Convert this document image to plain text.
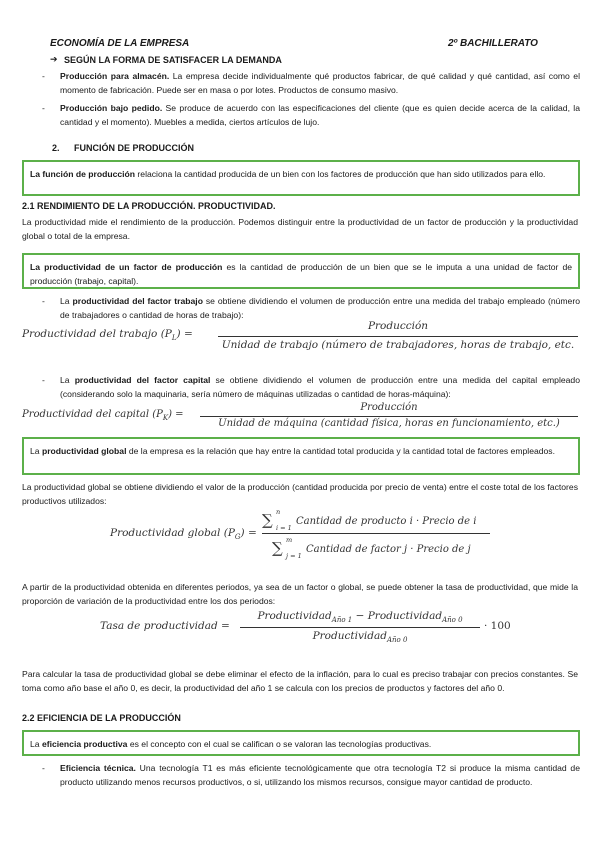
ECONOMÍA DE LA EMPRESA	2º BACHILLERATO
➔ SEGÚN LA FORMA DE SATISFACER LA DEMANDA
- Producción para almacén. La empresa decide individualmente qué productos fabricar, de qué calidad y qué cantidad, así como el momento de fabricación. Puede ser en masa o por lotes. Productos de consumo masivo.
- Producción bajo pedido. Se produce de acuerdo con las especificaciones del cliente (que es quien decide acerca de la calidad, la cantidad y el momento). Muebles a medida, ciertos artículos de lujo.
2. FUNCIÓN DE PRODUCCIÓN
La función de producción relaciona la cantidad producida de un bien con los factores de producción que han sido utilizados para ello.
2.1 RENDIMIENTO DE LA PRODUCCIÓN. PRODUCTIVIDAD.
La productividad mide el rendimiento de la producción. Podemos distinguir entre la productividad de un factor de producción y la productividad global o total de la empresa.
La productividad de un factor de producción es la cantidad de producción de un bien que se le imputa a una unidad de factor de producción (trabajo, capital).
- La productividad del factor trabajo se obtiene dividiendo el volumen de producción entre una medida del trabajo empleado (número de trabajadores o cantidad de horas de trabajo):
Productividad del trabajo $(P_L)$ =
Producción
Unidad de trabajo (número de trabajadores, horas de trabajo, etc.
- La productividad del factor capital se obtiene dividiendo el volumen de producción entre una medida del capital empleado (considerando solo la maquinaria, sería número de máquinas utilizadas o cantidad de horas-máquina):
Productividad del capital $(P_K)$ =
Producción
Unidad de máquina (cantidad física, horas en funcionamiento, etc.)
La productividad global de la empresa es la relación que hay entre la cantidad total producida y la cantidad total de factores empleados.
La productividad global se obtiene dividiendo el valor de la producción (cantidad producida por precio de venta) entre el coste total de los factores productivos utilizados:
Productividad global $(P_G)$ =
∑ n
i = 1
Cantidad de producto i · Precio de i
∑ m
j = 1
Cantidad de factor j · Precio de j
A partir de la productividad obtenida en diferentes periodos, ya sea de un factor o global, se puede obtener la tasa de productividad, que mide la proporción de variación de la productividad entre los dos periodos:
Tasa de productividad =
Productividad$_{Año 1}$ − Productividad$_{Año 0}$
Productividad$_{Año 0}$
· 100
Para calcular la tasa de productividad global se debe eliminar el efecto de la inflación, para lo cual es preciso trabajar con precios constantes. Se toma como año base el año 0, es decir, la productividad del año 1 se calcula con los precios de productos y factores del año 0.
2.2 EFICIENCIA DE LA PRODUCCIÓN
La eficiencia productiva es el concepto con el cual se califican o se valoran las tecnologías productivas.
- Eficiencia técnica. Una tecnología T1 es más eficiente tecnológicamente que otra tecnología T2 si produce la misma cantidad de producto utilizando menos recursos productivos, o si, utilizando los mismos recursos, consigue mayor cantidad de producto.
